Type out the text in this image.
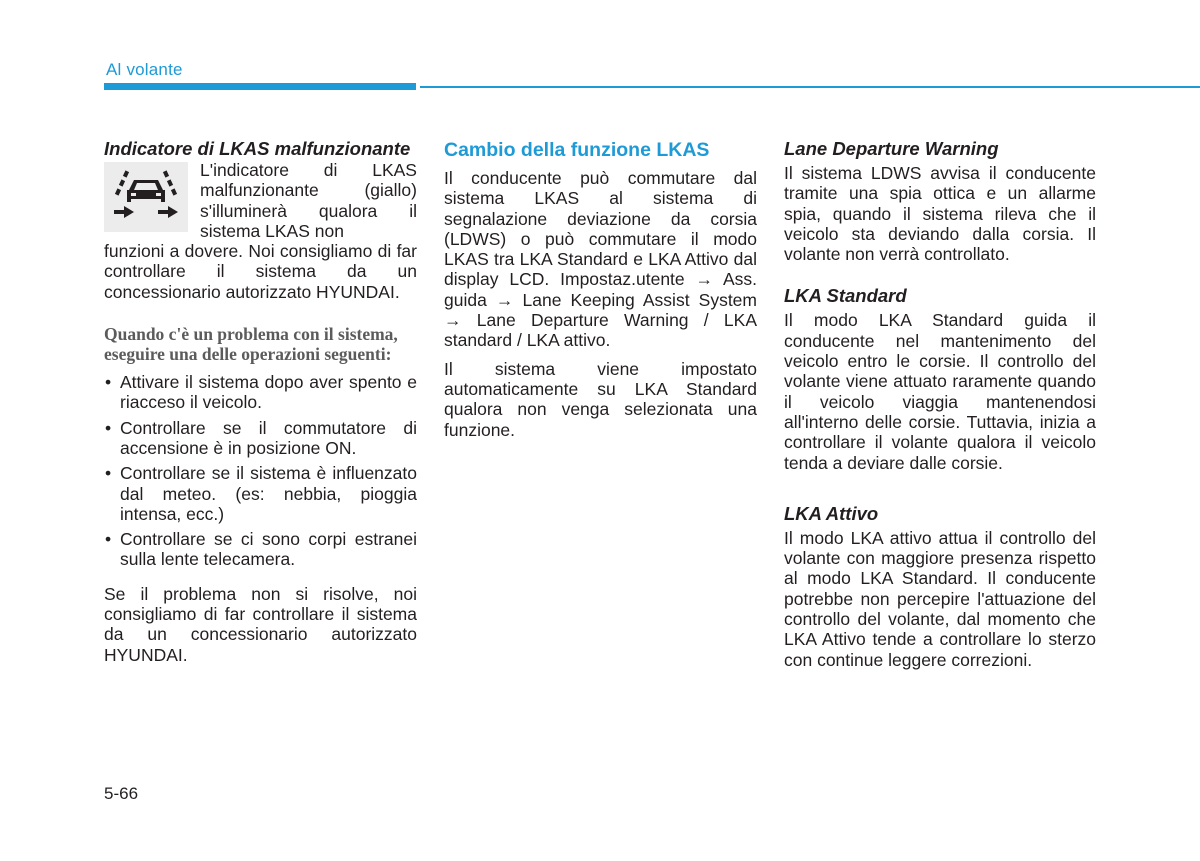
Al volante

Indicatore di LKAS malfunzionante

L'indicatore di LKAS malfunzionante (giallo) s'illuminerà qualora il sistema LKAS non

funzioni a dovere. Noi consigliamo di far controllare il sistema da un concessionario autorizzato HYUNDAI.

Quando c'è un problema con il sistema, eseguire una delle operazioni seguenti:

• Attivare il sistema dopo aver spento e riacceso il veicolo.
• Controllare se il commutatore di accensione è in posizione ON.
• Controllare se il sistema è influenzato dal meteo. (es: nebbia, pioggia intensa, ecc.)
• Controllare se ci sono corpi estranei sulla lente telecamera.

Se il problema non si risolve, noi consigliamo di far controllare il sistema da un concessionario autorizzato HYUNDAI.

Cambio della funzione LKAS

Il conducente può commutare dal sistema LKAS al sistema di segnalazione deviazione da corsia (LDWS) o può commutare il modo LKAS tra LKA Standard e LKA Attivo dal display LCD. Impostaz.utente → Ass. guida → Lane Keeping Assist System → Lane Departure Warning / LKA standard / LKA attivo.

Il sistema viene impostato automaticamente su LKA Standard qualora non venga selezionata una funzione.

Lane Departure Warning

Il sistema LDWS avvisa il conducente tramite una spia ottica e un allarme spia, quando il sistema rileva che il veicolo sta deviando dalla corsia. Il volante non verrà controllato.

LKA Standard

Il modo LKA Standard guida il conducente nel mantenimento del veicolo entro le corsie. Il controllo del volante viene attuato raramente quando il veicolo viaggia mantenendosi all'interno delle corsie. Tuttavia, inizia a controllare il volante qualora il veicolo tenda a deviare dalle corsie.

LKA Attivo

Il modo LKA attivo attua il controllo del volante con maggiore presenza rispetto al modo LKA Standard. Il conducente potrebbe non percepire l'attuazione del controllo del volante, dal momento che LKA Attivo tende a controllare lo sterzo con continue leggere correzioni.

5-66
